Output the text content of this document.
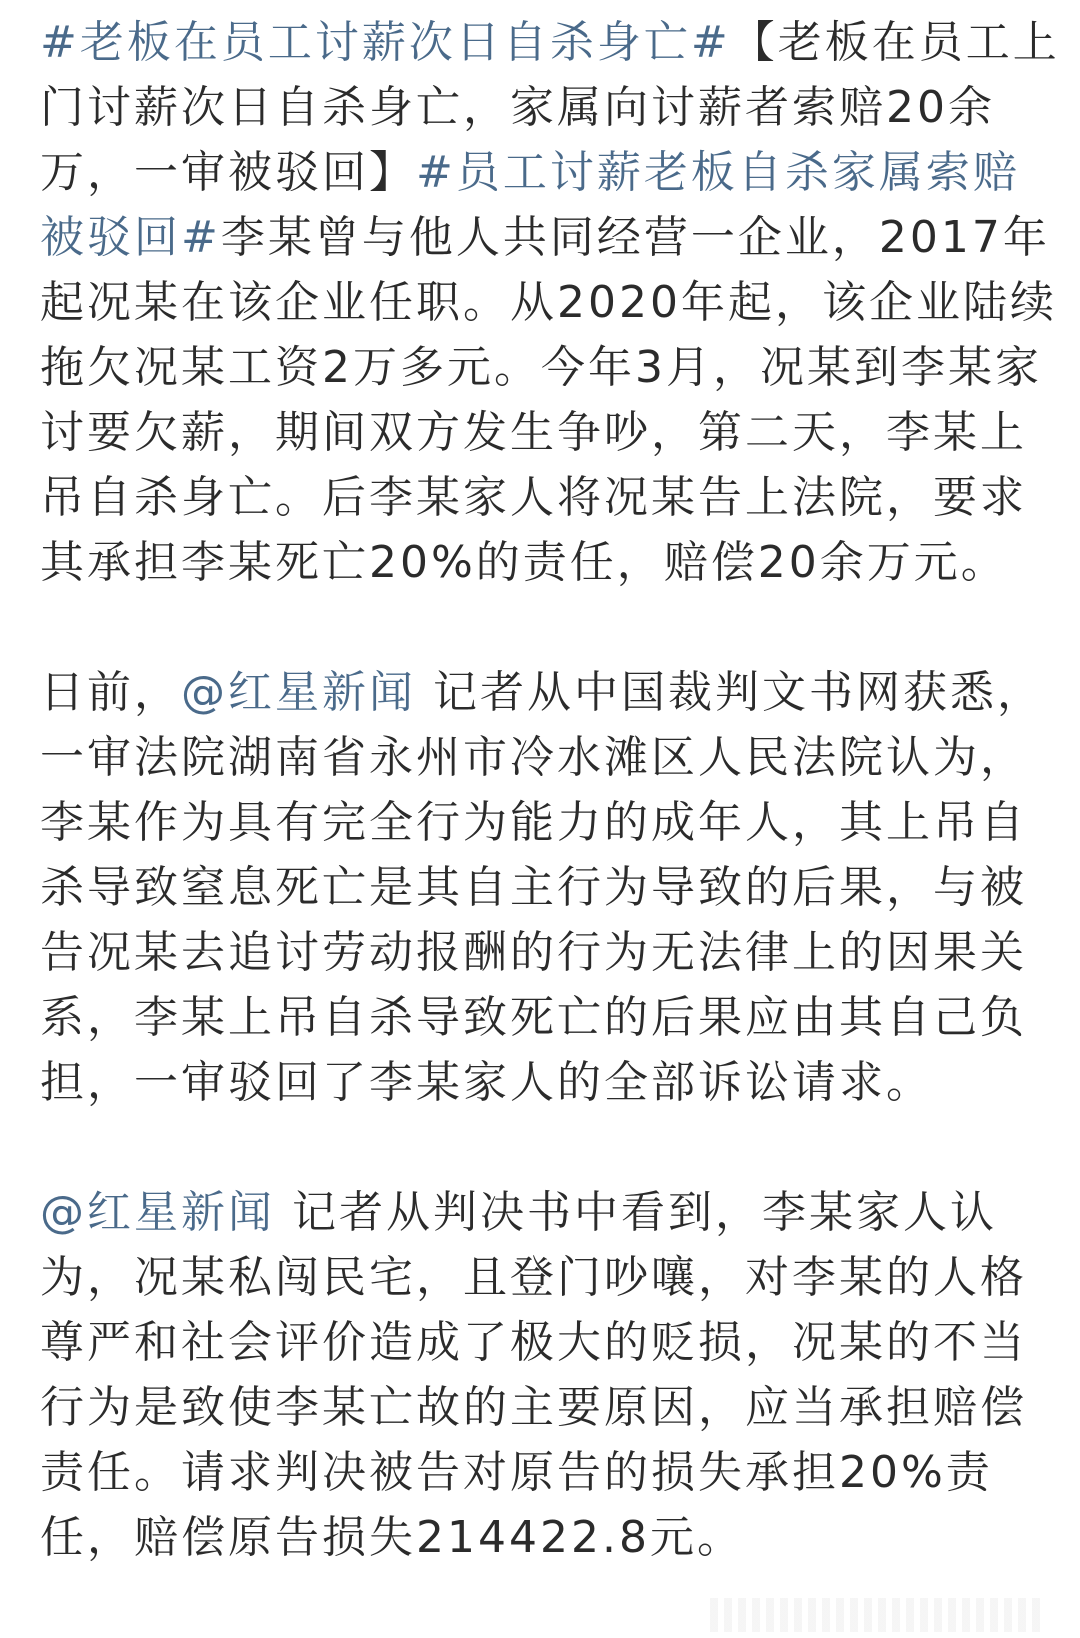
#老板在员工讨薪次日自杀身亡#【老板在员工上门讨薪次日自杀身亡，家属向讨薪者索赔20余万，一审被驳回】#员工讨薪老板自杀家属索赔被驳回#李某曾与他人共同经营一企业，2017年起况某在该企业任职。从2020年起，该企业陆续拖欠况某工资2万多元。今年3月，况某到李某家讨要欠薪，期间双方发生争吵，第二天，李某上吊自杀身亡。后李某家人将况某告上法院，要求其承担李某死亡20%的责任，赔偿20余万元。

日前，@红星新闻 记者从中国裁判文书网获悉，一审法院湖南省永州市冷水滩区人民法院认为，李某作为具有完全行为能力的成年人，其上吊自杀导致窒息死亡是其自主行为导致的后果，与被告况某去追讨劳动报酬的行为无法律上的因果关系，李某上吊自杀导致死亡的后果应由其自己负担，一审驳回了李某家人的全部诉讼请求。

@红星新闻 记者从判决书中看到，李某家人认为，况某私闯民宅，且登门吵嚷，对李某的人格尊严和社会评价造成了极大的贬损，况某的不当行为是致使李某亡故的主要原因，应当承担赔偿责任。请求判决被告对原告的损失承担20%责任，赔偿原告损失214422.8元。
